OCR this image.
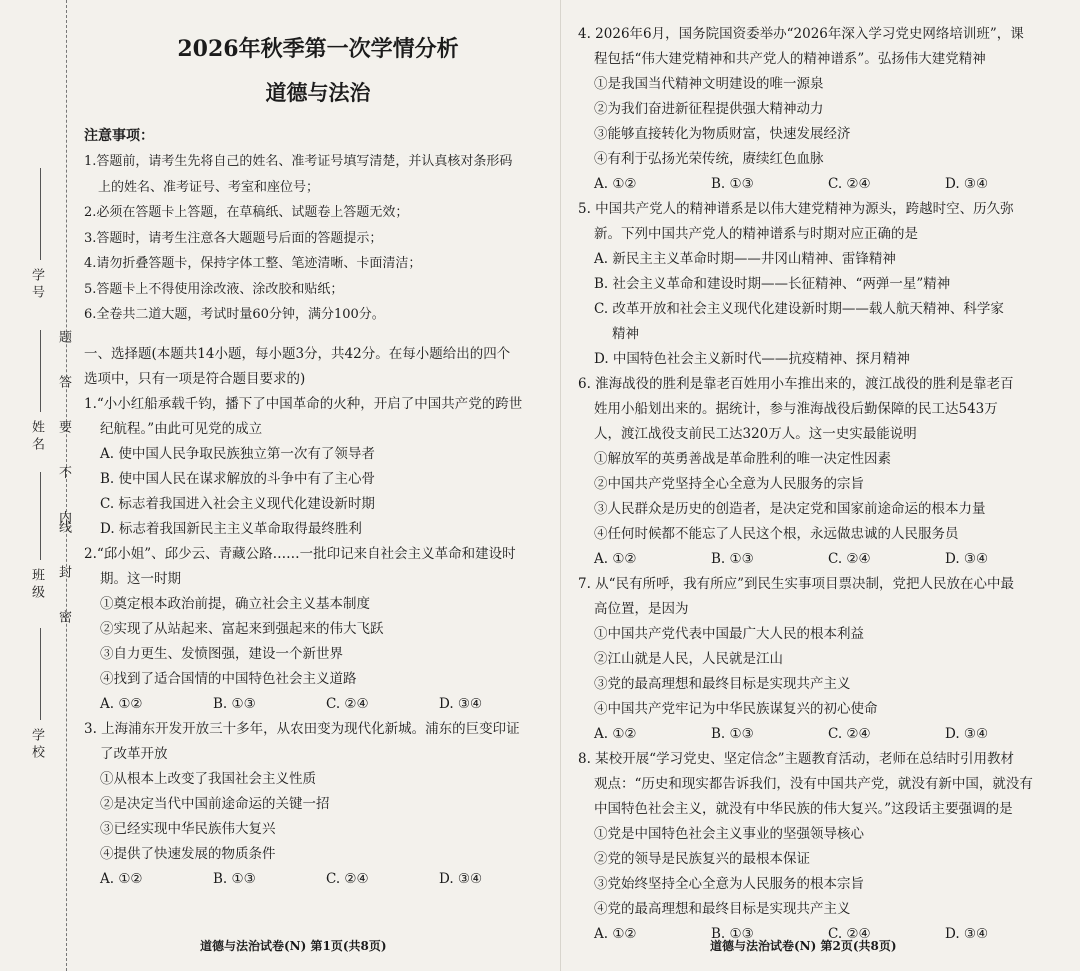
题 答 要 不 内
线 封 密
学 号
姓 名
班 级
学 校
2026年秋季第一次学情分析
道德与法治
注意事项：

1.答题前，请考生先将自己的姓名、准考证号填写清楚，并认真核对条形码

上的姓名、准考证号、考室和座位号；

2.必须在答题卡上答题，在草稿纸、试题卷上答题无效；

3.答题时，请考生注意各大题题号后面的答题提示；

4.请勿折叠答题卡，保持字体工整、笔迹清晰、卡面清洁；

5.答题卡上不得使用涂改液、涂改胶和贴纸；

6.全卷共二道大题，考试时量60分钟，满分100分。

一、选择题(本题共14小题，每小题3分，共42分。在每小题给出的四个
选项中，只有一项是符合题目要求的)

1.“小小红船承载千钧，播下了中国革命的火种，开启了中国共产党的跨世

纪航程。”由此可见党的成立

A. 使中国人民争取民族独立第一次有了领导者

B. 使中国人民在谋求解放的斗争中有了主心骨

C. 标志着我国进入社会主义现代化建设新时期

D. 标志着我国新民主主义革命取得最终胜利

2.“邱小姐”、邱少云、青藏公路……一批印记来自社会主义革命和建设时

期。这一时期

①奠定根本政治前提，确立社会主义基本制度

②实现了从站起来、富起来到强起来的伟大飞跃

③自力更生、发愤图强，建设一个新世界

④找到了适合国情的中国特色社会主义道路

A. ①②	B. ①③	C. ②④	D. ③④

3. 上海浦东开发开放三十多年，从农田变为现代化新城。浦东的巨变印证

了改革开放

①从根本上改变了我国社会主义性质

②是决定当代中国前途命运的关键一招

③已经实现中华民族伟大复兴

④提供了快速发展的物质条件

A. ①②	B. ①③	C. ②④	D. ③④
道德与法治试卷(N) 第1页(共8页)

4. 2026年6月，国务院国资委举办“2026年深入学习党史网络培训班”，课

程包括“伟大建党精神和共产党人的精神谱系”。弘扬伟大建党精神

①是我国当代精神文明建设的唯一源泉

②为我们奋进新征程提供强大精神动力

③能够直接转化为物质财富，快速发展经济

④有利于弘扬光荣传统，赓续红色血脉

A. ①②	B. ①③	C. ②④	D. ③④

5. 中国共产党人的精神谱系是以伟大建党精神为源头，跨越时空、历久弥

新。下列中国共产党人的精神谱系与时期对应正确的是

A. 新民主主义革命时期——井冈山精神、雷锋精神

B. 社会主义革命和建设时期——长征精神、“两弹一星”精神

C. 改革开放和社会主义现代化建设新时期——载人航天精神、科学家

精神

D. 中国特色社会主义新时代——抗疫精神、探月精神

6. 淮海战役的胜利是靠老百姓用小车推出来的，渡江战役的胜利是靠老百

姓用小船划出来的。据统计，参与淮海战役后勤保障的民工达543万

人，渡江战役支前民工达320万人。这一史实最能说明

①解放军的英勇善战是革命胜利的唯一决定性因素

②中国共产党坚持全心全意为人民服务的宗旨

③人民群众是历史的创造者，是决定党和国家前途命运的根本力量

④任何时候都不能忘了人民这个根，永远做忠诚的人民服务员

A. ①②	B. ①③	C. ②④	D. ③④

7. 从“民有所呼，我有所应”到民生实事项目票决制，党把人民放在心中最

高位置，是因为

①中国共产党代表中国最广大人民的根本利益

②江山就是人民，人民就是江山

③党的最高理想和最终目标是实现共产主义

④中国共产党牢记为中华民族谋复兴的初心使命

A. ①②	B. ①③	C. ②④	D. ③④

8. 某校开展“学习党史、坚定信念”主题教育活动，老师在总结时引用教材

观点：“历史和现实都告诉我们，没有中国共产党，就没有新中国，就没有

中国特色社会主义，就没有中华民族的伟大复兴。”这段话主要强调的是

①党是中国特色社会主义事业的坚强领导核心

②党的领导是民族复兴的最根本保证

③党始终坚持全心全意为人民服务的根本宗旨

④党的最高理想和最终目标是实现共产主义

A. ①②	B. ①③	C. ②④	D. ③④
道德与法治试卷(N) 第2页(共8页)
